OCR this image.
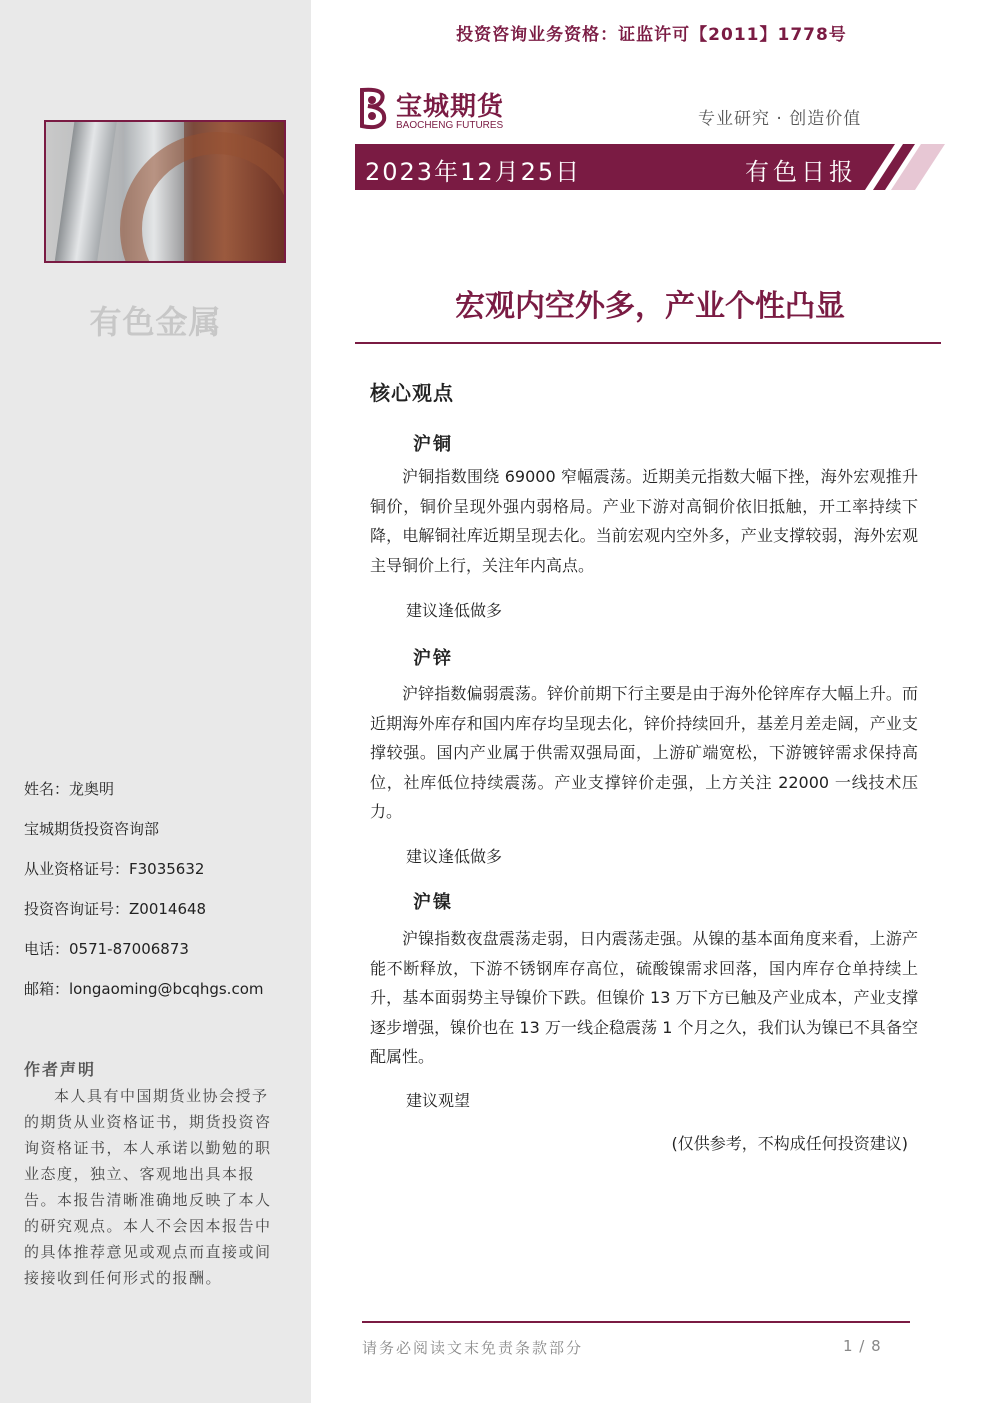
有色金属
姓名：龙奥明
宝城期货投资咨询部
从业资格证号：F3035632
投资咨询证号：Z0014648
电话：0571-87006873
邮箱：longaoming@bcqhgs.com
作者声明
本人具有中国期货业协会授予的期货从业资格证书，期货投资咨询资格证书，本人承诺以勤勉的职业态度，独立、客观地出具本报告。本报告清晰准确地反映了本人的研究观点。本人不会因本报告中的具体推荐意见或观点而直接或间接接收到任何形式的报酬。
投资咨询业务资格：证监许可【2011】1778号
宝城期货
BAOCHENG FUTURES	专业研究 · 创造价值
2023年12月25日	有色日报
宏观内空外多，产业个性凸显
核心观点
沪铜
沪铜指数围绕 69000 窄幅震荡。近期美元指数大幅下挫，海外宏观推升铜价，铜价呈现外强内弱格局。产业下游对高铜价依旧抵触，开工率持续下降，电解铜社库近期呈现去化。当前宏观内空外多，产业支撑较弱，海外宏观主导铜价上行，关注年内高点。
建议逢低做多
沪锌
沪锌指数偏弱震荡。锌价前期下行主要是由于海外伦锌库存大幅上升。而近期海外库存和国内库存均呈现去化，锌价持续回升，基差月差走阔，产业支撑较强。国内产业属于供需双强局面，上游矿端宽松，下游镀锌需求保持高位，社库低位持续震荡。产业支撑锌价走强，上方关注 22000 一线技术压力。
建议逢低做多
沪镍
沪镍指数夜盘震荡走弱，日内震荡走强。从镍的基本面角度来看，上游产能不断释放，下游不锈钢库存高位，硫酸镍需求回落，国内库存仓单持续上升，基本面弱势主导镍价下跌。但镍价 13 万下方已触及产业成本，产业支撑逐步增强，镍价也在 13 万一线企稳震荡 1 个月之久，我们认为镍已不具备空配属性。
建议观望
(仅供参考，不构成任何投资建议)
请务必阅读文末免责条款部分	1 / 8
